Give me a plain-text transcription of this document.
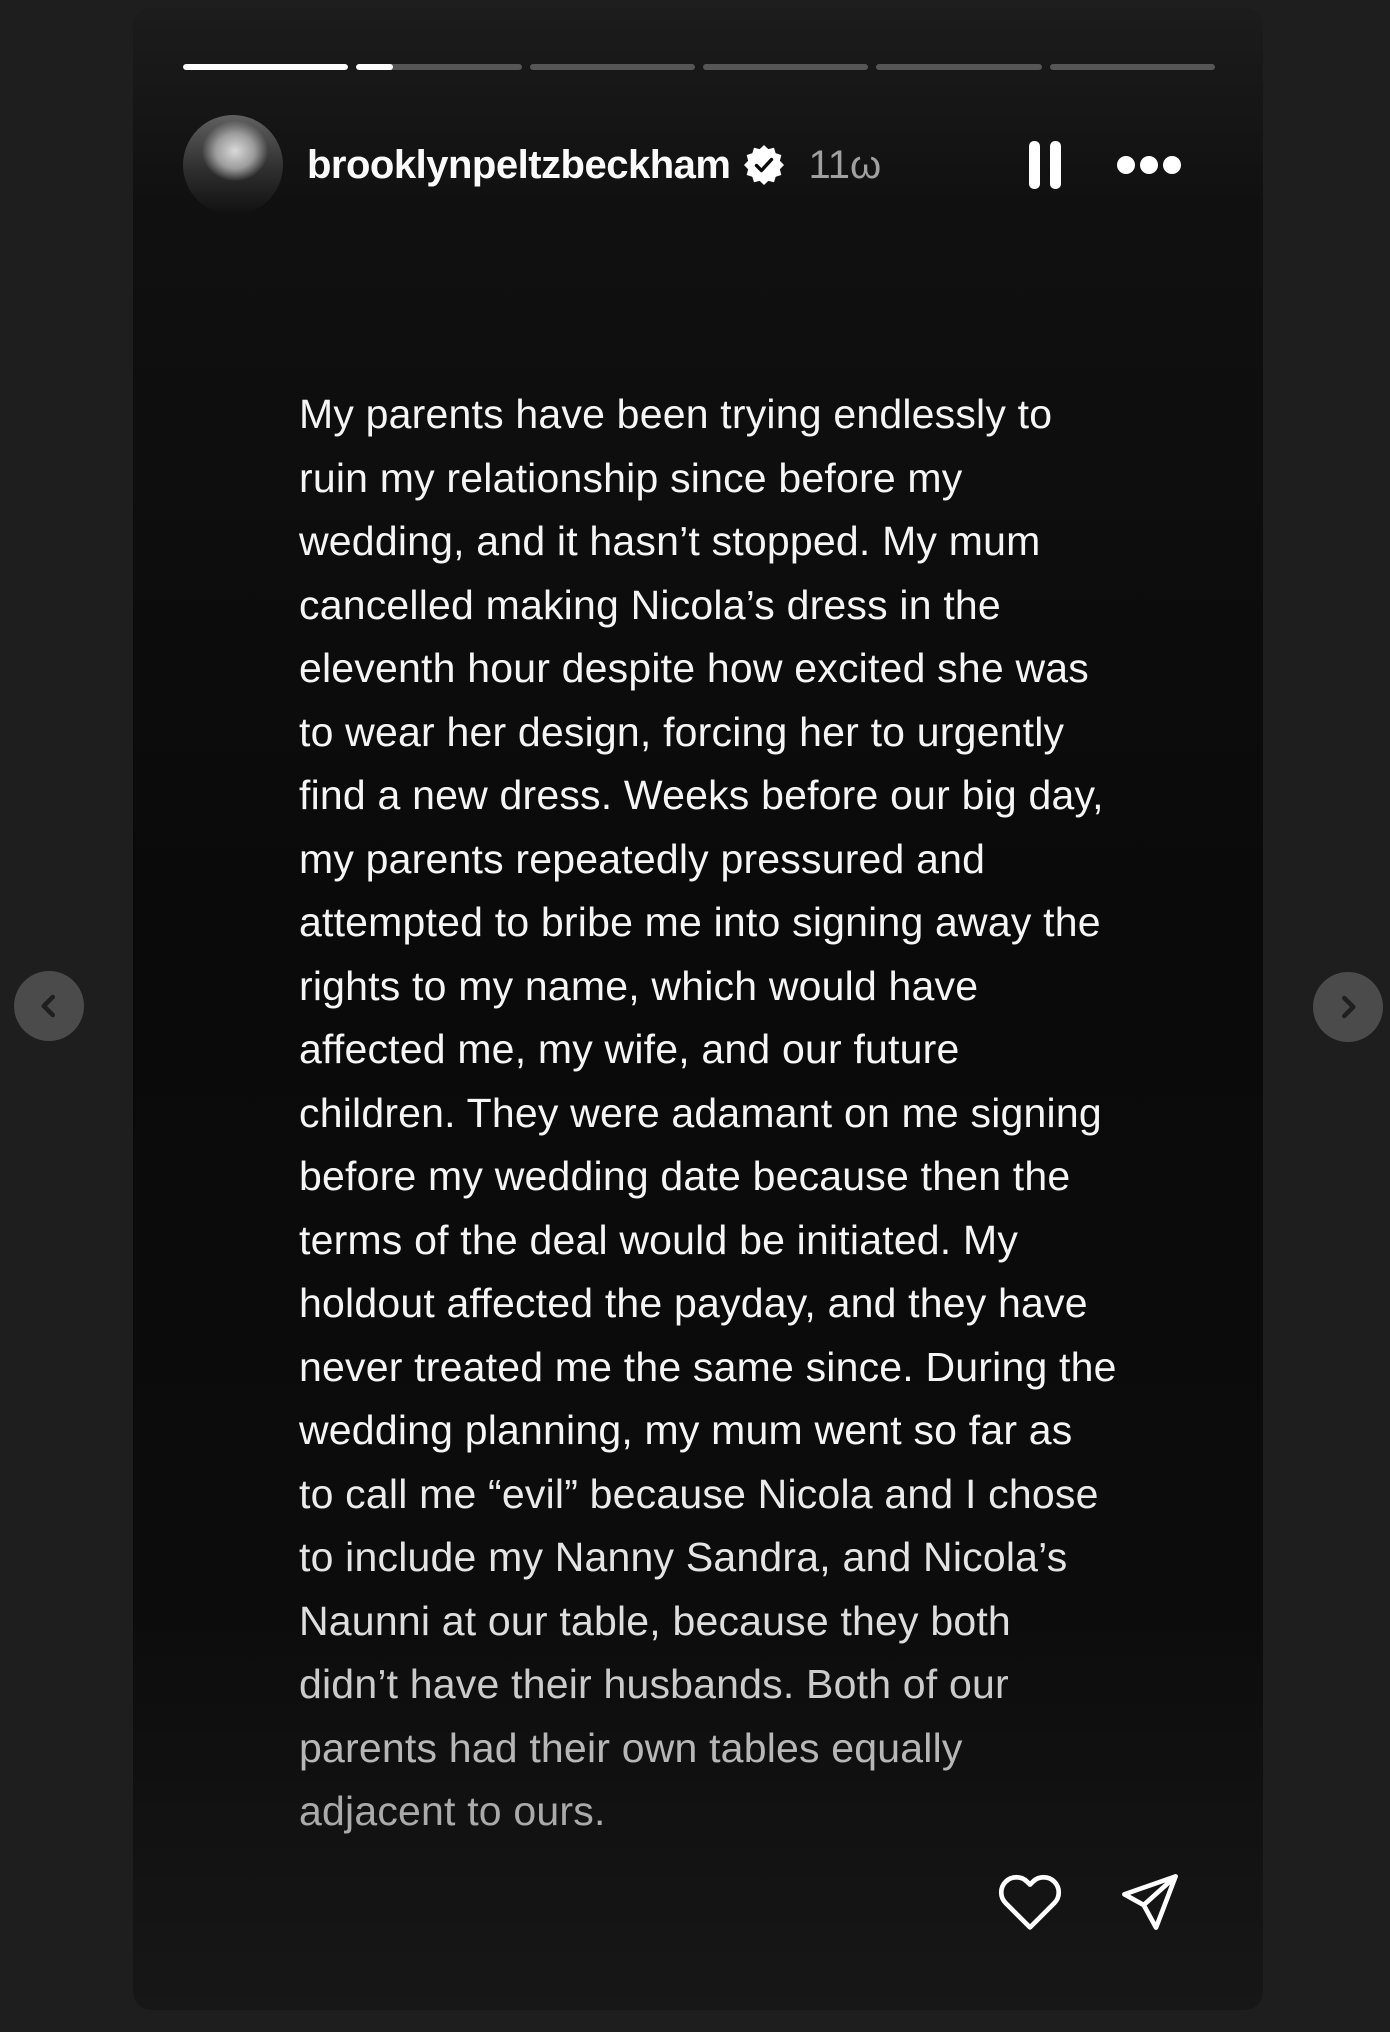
brooklynpeltzbeckham 11ω
My parents have been trying endlessly to
ruin my relationship since before my
wedding, and it hasn’t stopped. My mum
cancelled making Nicola’s dress in the
eleventh hour despite how excited she was
to wear her design, forcing her to urgently
find a new dress. Weeks before our big day,
my parents repeatedly pressured and
attempted to bribe me into signing away the
rights to my name, which would have
affected me, my wife, and our future
children. They were adamant on me signing
before my wedding date because then the
terms of the deal would be initiated. My
holdout affected the payday, and they have
never treated me the same since. During the
wedding planning, my mum went so far as
to call me “evil” because Nicola and I chose
to include my Nanny Sandra, and Nicola’s
Naunni at our table, because they both
didn’t have their husbands. Both of our
parents had their own tables equally
adjacent to ours.
